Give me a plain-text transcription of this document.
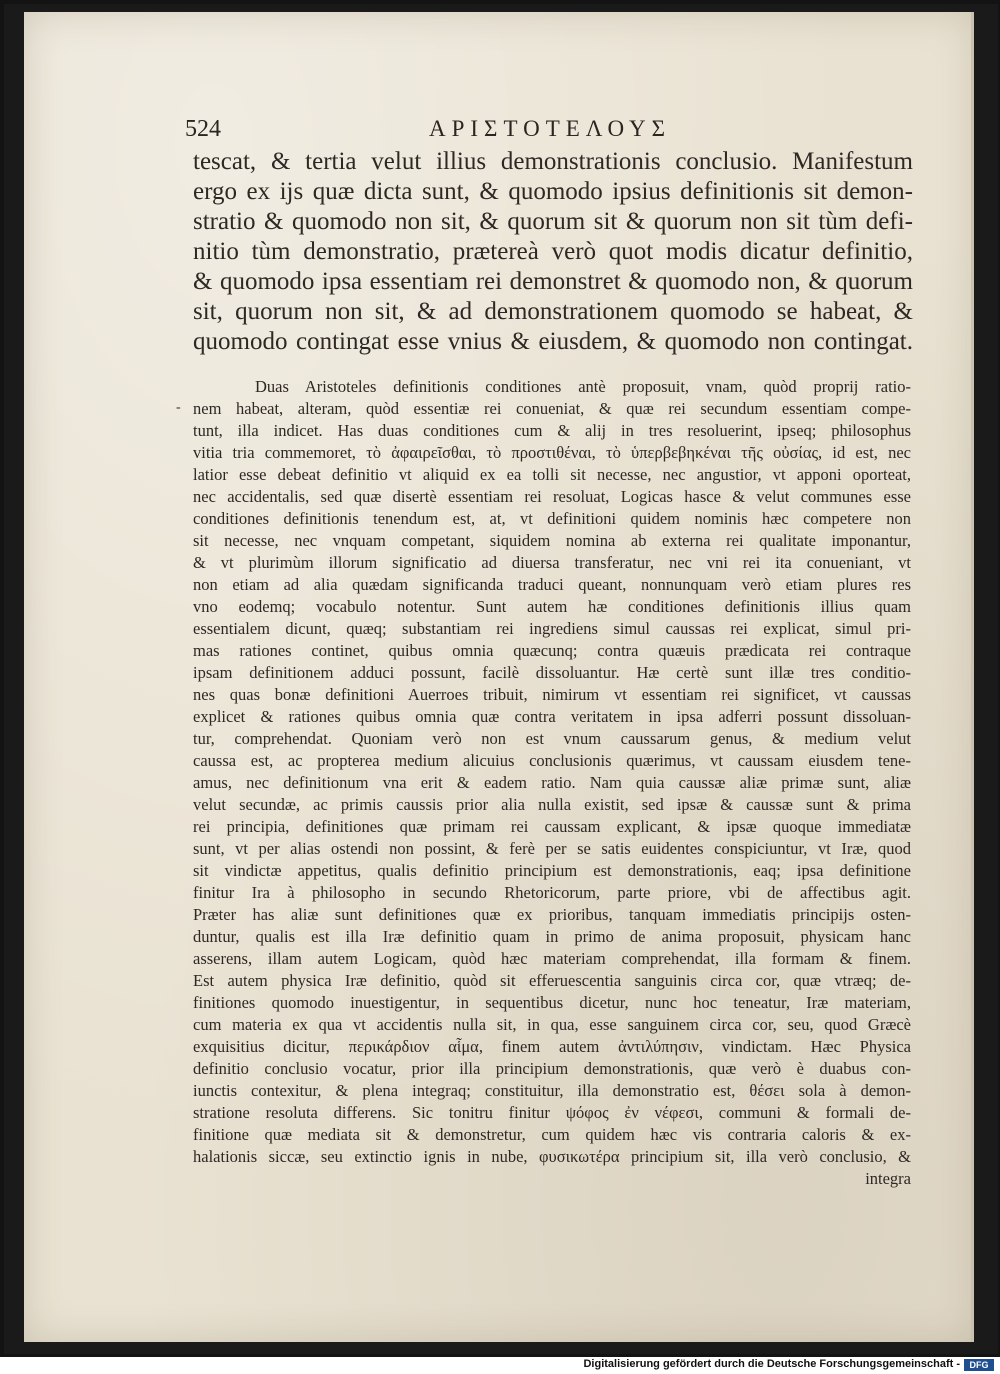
524	ΑΡΙΣΤΟΤΕΛΟΥΣ
tescat, & tertia velut illius demonstrationis conclusio. Manifestum
ergo ex ijs quæ dicta sunt, & quomodo ipsius definitionis sit demon-
stratio & quomodo non sit, & quorum sit & quorum non sit tùm defi-
nitio tùm demonstratio, prætereà verò quot modis dicatur definitio,
& quomodo ipsa essentiam rei demonstret & quomodo non, & quorum
sit, quorum non sit, & ad demonstrationem quomodo se habeat, &
quomodo contingat esse vnius & eiusdem, & quomodo non contingat.
-
Duas Aristoteles definitionis conditiones antè proposuit, vnam, quòd proprij ratio-
nem habeat, alteram, quòd essentiæ rei conueniat, & quæ rei secundum essentiam compe-
tunt, illa indicet. Has duas conditiones cum & alij in tres resoluerint, ipseq; philosophus
vitia tria commemoret, τὸ ἀφαιρεῖσθαι, τὸ προστιθέναι, τὸ ὑπερβεβηκέναι τῆς οὐσίας, id est, nec
latior esse debeat definitio vt aliquid ex ea tolli sit necesse, nec angustior, vt apponi oporteat,
nec accidentalis, sed quæ disertè essentiam rei resoluat, Logicas hasce & velut communes esse
conditiones definitionis tenendum est, at, vt definitioni quidem nominis hæc competere non
sit necesse, nec vnquam competant, siquidem nomina ab externa rei qualitate imponantur,
& vt plurimùm illorum significatio ad diuersa transferatur, nec vni rei ita conueniant, vt
non etiam ad alia quædam significanda traduci queant, nonnunquam verò etiam plures res
vno eodemq; vocabulo notentur. Sunt autem hæ conditiones definitionis illius quam
essentialem dicunt, quæq; substantiam rei ingrediens simul caussas rei explicat, simul pri-
mas rationes continet, quibus omnia quæcunq; contra quæuis prædicata rei contraque
ipsam definitionem adduci possunt, facilè dissoluantur. Hæ certè sunt illæ tres conditio-
nes quas bonæ definitioni Auerroes tribuit, nimirum vt essentiam rei significet, vt caussas
explicet & rationes quibus omnia quæ contra veritatem in ipsa adferri possunt dissoluan-
tur, comprehendat. Quoniam verò non est vnum caussarum genus, & medium velut
caussa est, ac propterea medium alicuius conclusionis quærimus, vt caussam eiusdem tene-
amus, nec definitionum vna erit & eadem ratio. Nam quia caussæ aliæ primæ sunt, aliæ
velut secundæ, ac primis caussis prior alia nulla existit, sed ipsæ & caussæ sunt & prima
rei principia, definitiones quæ primam rei caussam explicant, & ipsæ quoque immediatæ
sunt, vt per alias ostendi non possint, & ferè per se satis euidentes conspiciuntur, vt Iræ, quod
sit vindictæ appetitus, qualis definitio principium est demonstrationis, eaq; ipsa definitione
finitur Ira à philosopho in secundo Rhetoricorum, parte priore, vbi de affectibus agit.
Præter has aliæ sunt definitiones quæ ex prioribus, tanquam immediatis principijs osten-
duntur, qualis est illa Iræ definitio quam in primo de anima proposuit, physicam hanc
asserens, illam autem Logicam, quòd hæc materiam comprehendat, illa formam & finem.
Est autem physica Iræ definitio, quòd sit efferuescentia sanguinis circa cor, quæ vtræq; de-
finitiones quomodo inuestigentur, in sequentibus dicetur, nunc hoc teneatur, Iræ materiam,
cum materia ex qua vt accidentis nulla sit, in qua, esse sanguinem circa cor, seu, quod Græcè
exquisitius dicitur, περικάρδιον αἷμα, finem autem ἀντιλύπησιν, vindictam. Hæc Physica
definitio conclusio vocatur, prior illa principium demonstrationis, quæ verò è duabus con-
iunctis contexitur, & plena integraq; constituitur, illa demonstratio est, θέσει sola à demon-
stratione resoluta differens. Sic tonitru finitur ψόφος ἐν νέφεσι, communi & formali de-
finitione quæ mediata sit & demonstretur, cum quidem hæc vis contraria caloris & ex-
halationis siccæ, seu extinctio ignis in nube, φυσικωτέρα principium sit, illa verò conclusio, &
integra
Digitalisierung gefördert durch die Deutsche Forschungsgemeinschaft -	DFG
